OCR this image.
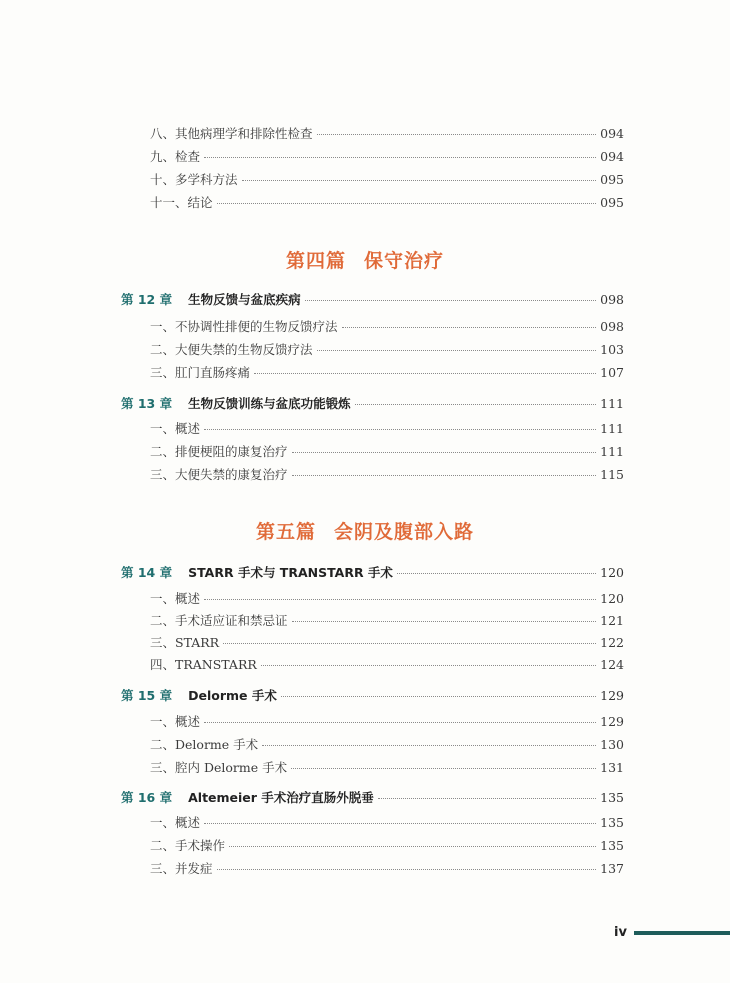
八、其他病理学和排除性检查	094
九、检查	094
十、多学科方法	095
十一、结论	095
第四篇 保守治疗
第 12 章 生物反馈与盆底疾病	098
一、不协调性排便的生物反馈疗法	098
二、大便失禁的生物反馈疗法	103
三、肛门直肠疼痛	107
第 13 章 生物反馈训练与盆底功能锻炼	111
一、概述	111
二、排便梗阻的康复治疗	111
三、大便失禁的康复治疗	115
第五篇 会阴及腹部入路
第 14 章 STARR 手术与 TRANSTARR 手术	120
一、概述	120
二、手术适应证和禁忌证	121
三、STARR	122
四、TRANSTARR	124
第 15 章 Delorme 手术	129
一、概述	129
二、Delorme 手术	130
三、腔内 Delorme 手术	131
第 16 章 Altemeier 手术治疗直肠外脱垂	135
一、概述	135
二、手术操作	135
三、并发症	137
iv
